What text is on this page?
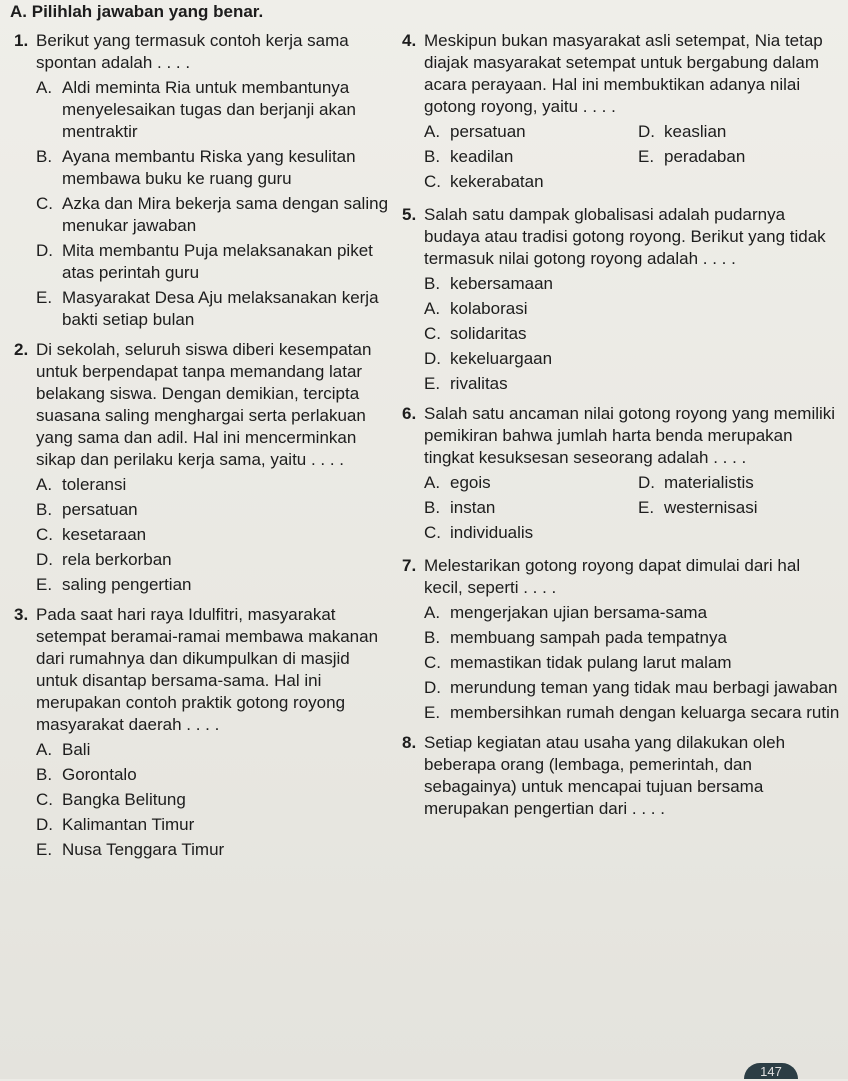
A. Pilihlah jawaban yang benar.
1. Berikut yang termasuk contoh kerja sama spontan adalah . . . .
A. Aldi meminta Ria untuk membantunya menyelesaikan tugas dan berjanji akan mentraktir
B. Ayana membantu Riska yang kesulitan membawa buku ke ruang guru
C. Azka dan Mira bekerja sama dengan saling menukar jawaban
D. Mita membantu Puja melaksanakan piket atas perintah guru
E. Masyarakat Desa Aju melaksanakan kerja bakti setiap bulan
2. Di sekolah, seluruh siswa diberi kesempatan untuk berpendapat tanpa memandang latar belakang siswa. Dengan demikian, tercipta suasana saling menghargai serta perlakuan yang sama dan adil. Hal ini mencerminkan sikap dan perilaku kerja sama, yaitu . . . .
A. toleransi
B. persatuan
C. kesetaraan
D. rela berkorban
E. saling pengertian
3. Pada saat hari raya Idulfitri, masyarakat setempat beramai-ramai membawa makanan dari rumahnya dan dikumpulkan di masjid untuk disantap bersama-sama. Hal ini merupakan contoh praktik gotong royong masyarakat daerah . . . .
A. Bali
B. Gorontalo
C. Bangka Belitung
D. Kalimantan Timur
E. Nusa Tenggara Timur
4. Meskipun bukan masyarakat asli setempat, Nia tetap diajak masyarakat setempat untuk bergabung dalam acara perayaan. Hal ini membuktikan adanya nilai gotong royong, yaitu . . . .
A. persatuan	D. keaslian
B. keadilan	E. peradaban
C. kekerabatan
5. Salah satu dampak globalisasi adalah pudarnya budaya atau tradisi gotong royong. Berikut yang tidak termasuk nilai gotong royong adalah . . . .
B. kebersamaan
A. kolaborasi
C. solidaritas
D. kekeluargaan
E. rivalitas
6. Salah satu ancaman nilai gotong royong yang memiliki pemikiran bahwa jumlah harta benda merupakan tingkat kesuksesan seseorang adalah . . . .
A. egois	D. materialistis
B. instan	E. westernisasi
C. individualis
7. Melestarikan gotong royong dapat dimulai dari hal kecil, seperti . . . .
A. mengerjakan ujian bersama-sama
B. membuang sampah pada tempatnya
C. memastikan tidak pulang larut malam
D. merundung teman yang tidak mau berbagi jawaban
E. membersihkan rumah dengan keluarga secara rutin
8. Setiap kegiatan atau usaha yang dilakukan oleh beberapa orang (lembaga, pemerintah, dan sebagainya) untuk mencapai tujuan bersama merupakan pengertian dari . . . .
147
